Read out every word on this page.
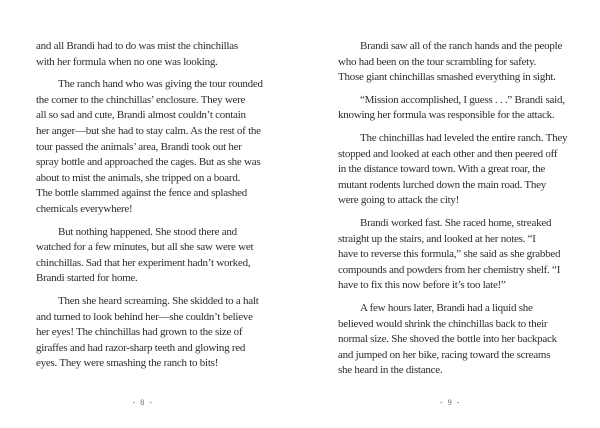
and all Brandi had to do was mist the chinchillas
with her formula when no one was looking.

The ranch hand who was giving the tour rounded
the corner to the chinchillas’ enclosure. They were
all so sad and cute, Brandi almost couldn’t contain
her anger—but she had to stay calm. As the rest of the
tour passed the animals’ area, Brandi took out her
spray bottle and approached the cages. But as she was
about to mist the animals, she tripped on a board.
The bottle slammed against the fence and splashed
chemicals everywhere!

But nothing happened. She stood there and
watched for a few minutes, but all she saw were wet
chinchillas. Sad that her experiment hadn’t worked,
Brandi started for home.

Then she heard screaming. She skidded to a halt
and turned to look behind her—she couldn’t believe
her eyes! The chinchillas had grown to the size of
giraffes and had razor-sharp teeth and glowing red
eyes. They were smashing the ranch to bits!

- 8 -

Brandi saw all of the ranch hands and the people
who had been on the tour scrambling for safety.
Those giant chinchillas smashed everything in sight.

“Mission accomplished, I guess . . .” Brandi said,
knowing her formula was responsible for the attack.

The chinchillas had leveled the entire ranch. They
stopped and looked at each other and then peered off
in the distance toward town. With a great roar, the
mutant rodents lurched down the main road. They
were going to attack the city!

Brandi worked fast. She raced home, streaked
straight up the stairs, and looked at her notes. “I
have to reverse this formula,” she said as she grabbed
compounds and powders from her chemistry shelf. “I
have to fix this now before it’s too late!”

A few hours later, Brandi had a liquid she
believed would shrink the chinchillas back to their
normal size. She shoved the bottle into her backpack
and jumped on her bike, racing toward the screams
she heard in the distance.

- 9 -
